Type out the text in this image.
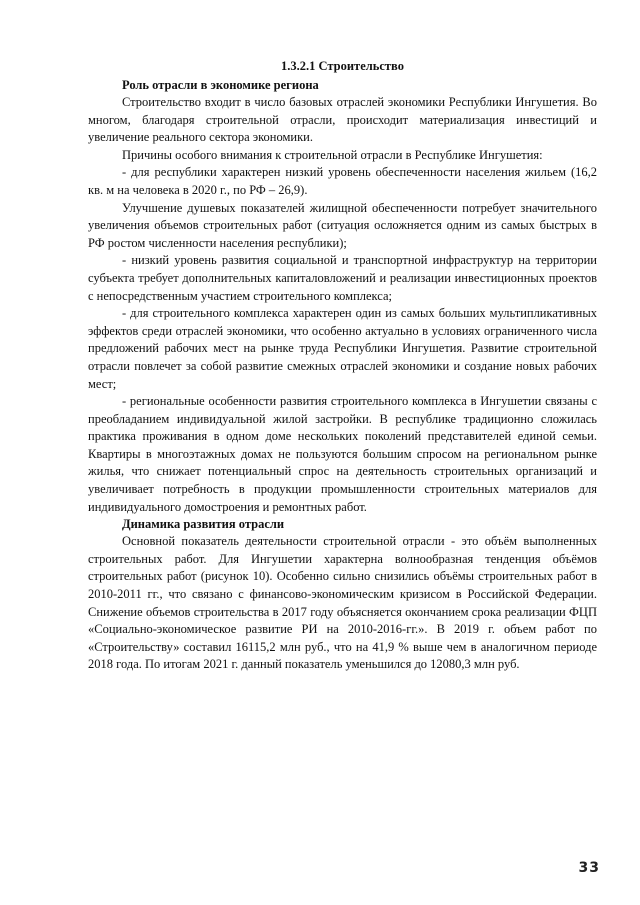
1.3.2.1 Строительство
Роль отрасли в экономике региона

Строительство входит в число базовых отраслей экономики Республики Ингушетия. Во многом, благодаря строительной отрасли, происходит материализация инвестиций и увеличение реального сектора экономики.

Причины особого внимания к строительной отрасли в Республике Ингушетия:

- для республики характерен низкий уровень обеспеченности населения жильем (16,2 кв. м на человека в 2020 г., по РФ – 26,9).

Улучшение душевых показателей жилищной обеспеченности потребует значительного увеличения объемов строительных работ (ситуация осложняется одним из самых быстрых в РФ ростом численности населения республики);

- низкий уровень развития социальной и транспортной инфраструктур на территории субъекта требует дополнительных капиталовложений и реализации инвестиционных проектов с непосредственным участием строительного комплекса;

- для строительного комплекса характерен один из самых больших мультипликативных эффектов среди отраслей экономики, что особенно актуально в условиях ограниченного числа предложений рабочих мест на рынке труда Республики Ингушетия. Развитие строительной отрасли повлечет за собой развитие смежных отраслей экономики и создание новых рабочих мест;

- региональные особенности развития строительного комплекса в Ингушетии связаны с преобладанием индивидуальной жилой застройки. В республике традиционно сложилась практика проживания в одном доме нескольких поколений представителей единой семьи. Квартиры в многоэтажных домах не пользуются большим спросом на региональном рынке жилья, что снижает потенциальный спрос на деятельность строительных организаций и увеличивает потребность в продукции промышленности строительных материалов для индивидуального домостроения и ремонтных работ.

Динамика развития отрасли

Основной показатель деятельности строительной отрасли - это объём выполненных строительных работ. Для Ингушетии характерна волнообразная тенденция объёмов строительных работ (рисунок 10). Особенно сильно снизились объёмы строительных работ в 2010-2011 гг., что связано с финансово-экономическим кризисом в Российской Федерации. Снижение объемов строительства в 2017 году объясняется окончанием срока реализации ФЦП «Социально-экономическое развитие РИ на 2010-2016-гг.». В 2019 г. объем работ по «Строительству» составил 16115,2 млн руб., что на 41,9 % выше чем в аналогичном периоде 2018 года. По итогам 2021 г. данный показатель уменьшился до 12080,3 млн руб.

33
